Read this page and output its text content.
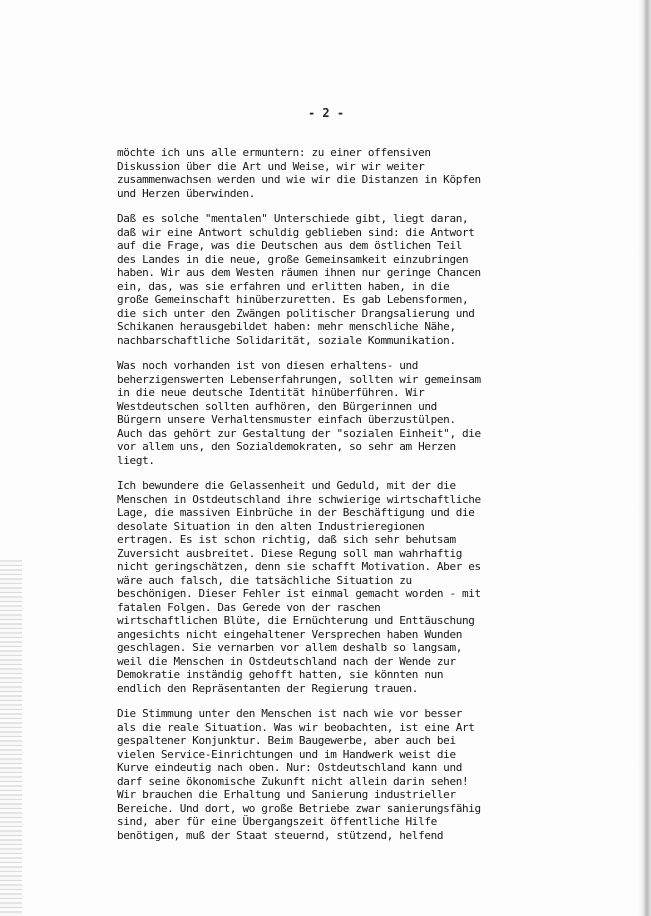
- 2 -
möchte ich uns alle ermuntern: zu einer offensiven
Diskussion über die Art und Weise, wir wir weiter
zusammenwachsen werden und wie wir die Distanzen in Köpfen
und Herzen überwinden.
Daß es solche "mentalen" Unterschiede gibt, liegt daran,
daß wir eine Antwort schuldig geblieben sind: die Antwort
auf die Frage, was die Deutschen aus dem östlichen Teil
des Landes in die neue, große Gemeinsamkeit einzubringen
haben. Wir aus dem Westen räumen ihnen nur geringe Chancen
ein, das, was sie erfahren und erlitten haben, in die
große Gemeinschaft hinüberzuretten. Es gab Lebensformen,
die sich unter den Zwängen politischer Drangsalierung und
Schikanen herausgebildet haben: mehr menschliche Nähe,
nachbarschaftliche Solidarität, soziale Kommunikation.
Was noch vorhanden ist von diesen erhaltens- und
beherzigenswerten Lebenserfahrungen, sollten wir gemeinsam
in die neue deutsche Identität hinüberführen. Wir
Westdeutschen sollten aufhören, den Bürgerinnen und
Bürgern unsere Verhaltensmuster einfach überzustülpen.
Auch das gehört zur Gestaltung der "sozialen Einheit", die
vor allem uns, den Sozialdemokraten, so sehr am Herzen
liegt.
Ich bewundere die Gelassenheit und Geduld, mit der die
Menschen in Ostdeutschland ihre schwierige wirtschaftliche
Lage, die massiven Einbrüche in der Beschäftigung und die
desolate Situation in den alten Industrieregionen
ertragen. Es ist schon richtig, daß sich sehr behutsam
Zuversicht ausbreitet. Diese Regung soll man wahrhaftig
nicht geringschätzen, denn sie schafft Motivation. Aber es
wäre auch falsch, die tatsächliche Situation zu
beschönigen. Dieser Fehler ist einmal gemacht worden - mit
fatalen Folgen. Das Gerede von der raschen
wirtschaftlichen Blüte, die Ernüchterung und Enttäuschung
angesichts nicht eingehaltener Versprechen haben Wunden
geschlagen. Sie vernarben vor allem deshalb so langsam,
weil die Menschen in Ostdeutschland nach der Wende zur
Demokratie inständig gehofft hatten, sie könnten nun
endlich den Repräsentanten der Regierung trauen.
Die Stimmung unter den Menschen ist nach wie vor besser
als die reale Situation. Was wir beobachten, ist eine Art
gespaltener Konjunktur. Beim Baugewerbe, aber auch bei
vielen Service-Einrichtungen und im Handwerk weist die
Kurve eindeutig nach oben. Nur: Ostdeutschland kann und
darf seine ökonomische Zukunft nicht allein darin sehen!
Wir brauchen die Erhaltung und Sanierung industrieller
Bereiche. Und dort, wo große Betriebe zwar sanierungsfähig
sind, aber für eine Übergangszeit öffentliche Hilfe
benötigen, muß der Staat steuernd, stützend, helfend
